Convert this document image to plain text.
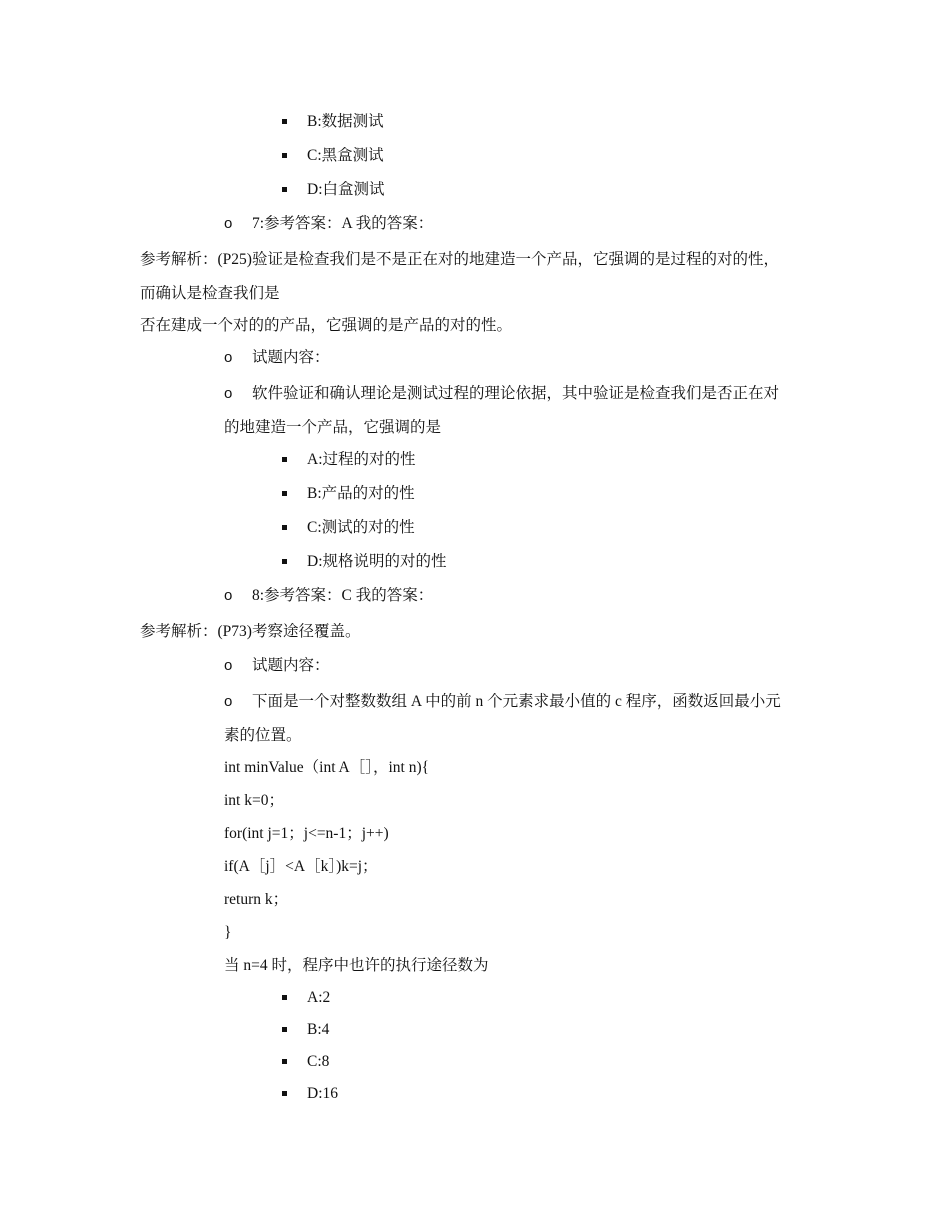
B:数据测试
C:黑盒测试
D:白盒测试
o 7:参考答案：A 我的答案：
参考解析：(P25)验证是检查我们是不是正在对的地建造一个产品，它强调的是过程的对的性，
而确认是检查我们是
否在建成一个对的的产品，它强调的是产品的对的性。
o 试题内容：
o 软件验证和确认理论是测试过程的理论依据，其中验证是检查我们是否正在对
的地建造一个产品，它强调的是
A:过程的对的性
B:产品的对的性
C:测试的对的性
D:规格说明的对的性
o 8:参考答案：C 我的答案：
参考解析：(P73)考察途径覆盖。
o 试题内容：
o 下面是一个对整数数组 A 中的前 n 个元素求最小值的 c 程序，函数返回最小元
素的位置。
int minValue（int A［］，int n){
int k=0；
for(int j=1；j<=n-1；j++)
if(A［j］<A［k］)k=j；
return k；
}
当 n=4 时，程序中也许的执行途径数为
A:2
B:4
C:8
D:16
